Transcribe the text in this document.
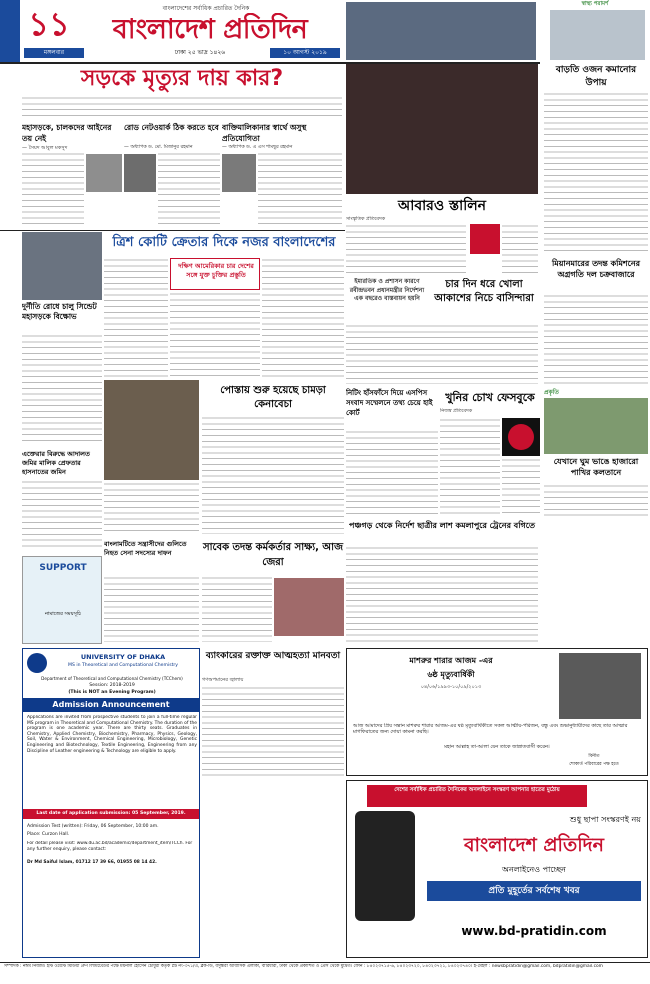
১১	বাংলাদেশের সর্বাধিক প্রচারিত দৈনিক
বাংলাদেশ প্রতিদিন
মঙ্গলবার	ঢাকা ২৫ ভাদ্র ১৪২৬	১০ আগস্ট ২০১৯
স্বাস্থ্য পরামর্শ
সড়কে মৃত্যুর দায় কার?
মহাসড়কে, চালকদের আইনের তয় নেই
— সৈয়দ আবুল মকসুদ
রোড নেটওয়ার্ক ঠিক করতে হবে
— অধ্যাপক ড. মো. মিজানুর রহমান
বাক্তিমালিকানার স্বার্থে অসুস্থ প্রতিযোগিতা
— অধ্যাপক ড. এ এস শামছুর রহমান
আবারও স্তালিন
সাংস্কৃতিক প্রতিবেদক
বাড়তি ওজন কমানোর উপায়
ত্রিশ কোটি ক্রেতার দিকে নজর বাংলাদেশের
দক্ষিণ আমেরিকার চার দেশের সঙ্গে যুক্ত চুক্তির প্রস্তুতি
দুর্নীতি রোধে চালু সিন্ডেট মহাসড়কে বিক্ষোভ
এক্তেরার বিরুদ্ধে আদালত জমির মালিক প্রেফতার হাসনাতের জমিন
পোস্তায় শুরু হয়েছে চামড়া কেনাবেচা
ইমারতিক ও প্রশাসন কারণে রবীন্দ্রভবন প্রধানমন্ত্রীর নির্দেশনা এক বছরেও বাস্তবায়ন হয়নি
চার দিন ধরে খোলা আকাশের নিচে বাসিন্দারা
মিয়ানমারের তদন্ত কমিশনের অগ্রগতি দল চক্রবাজারে
নিটিং হাঁসফাঁসে দিয়ে এসপিস সংবাদ সম্মেলনে তথ্য চেয়ে হাই কোর্ট
খুনির চোখ ফেসবুকে
নিজস্ব প্রতিবেদক
প্রকৃতি
যেখানে ঘুম ভাঙে হাজারো পাখির কলতানে
বাংলামটিতে সন্ত্রাসীদের গুলিতে নিহত সেনা সদস্যের দাফন	সাবেক তদন্ত কর্মকর্তার সাক্ষ্য, আজ জেরা
SUPPORT
নামাজের সময়সূচি
পঞ্চগড় থেকে নির্দেশ ছাত্রীর লাশ কমলাপুরে ট্রেনের বগিতে
মাশরুর শারার আজম -এর
৬ষ্ঠ মৃত্যুবার্ষিকী
০৪/০৬/১৯৯৩-১০/০৯/২০১৩
আজ আমাদের প্রিয় সন্তান মাশরুর শারার আজম-এর ষষ্ঠ মৃত্যুবার্ষিকীতে সকল আত্মীয়-পরিজন, বন্ধু এবং শুভানুধ্যায়ীদের কাছে তার আত্মার মাগফিরাতের জন্য দোয়া কামনা করছি।
মহান আল্লাহ তা-আলা যেন তাকে জান্নাতবাসী করেন।
বিনীত
শোকার্ত পরিবারের পক্ষ হতে
ব্যাংকারের রক্তাক্ত আত্মহত্যা মানবতা
গণঅপমানের জ্বালায়
UNIVERSITY OF DHAKA
MS in Theoretical and Computational Chemistry
Department of Theoretical and Computational Chemistry (TCChem)
Session: 2018-2019
(This is NOT an Evening Program)
Admission Announcement
Applications are invited from prospective students to join a full-time regular MS program in Theoretical and Computational Chemistry. The duration of the program is one academic year. There are thirty seats. Graduates in Chemistry, Applied Chemistry, Biochemistry, Pharmacy, Physics, Geology, Soil, Water & Environment, Chemical Engineering, Microbiology, Genetic Engineering and Biotechnology, Textile Engineering, Engineering from any Discipline of Leather engineering & Technology are eligible to apply.
Last date of application submission: 05 September, 2019.
Admission Test (written): Friday, 06 September, 10:00 am.
Place: Curzon Hall.
For detail please visit: www.du.ac.bd/academic/department_item/TCCh. For any further enquiry, please contact:
Dr Md Saiful Islam, 01712 17 39 66, 01955 08 14 42.
দেশের সর্বাধিক প্রচারিত দৈনিকের অনলাইনে সংস্করণ আপনার হাতের মুঠোয়
শুধু ছাপা সংস্করণই নয়
বাংলাদেশ প্রতিদিন
অনলাইনেও পাচ্ছেন
প্রতি মুহূর্তের সর্বশেষ খবর
www.bd-pratidin.com
সম্পাদক : নঈম নিজাম। ইস্ট ওয়েস্ট মিডিয়া গ্রুপ লিমিটেডের পক্ষে ময়নাল হোসেন চৌধুরী কর্তৃক প্লট নং-৩৭১/এ, ব্লক-ডি, বসুন্ধরা আবাসিক এলাকা, বারিধারা, ঢাকা থেকে প্রকাশিত ও প্রেস থেকে মুদ্রিত। ফোন : ৮৪০২৩৭১৫-৬, ৮৪০২৩৭২০, ৮৪০২৩৭২১, ৮৪০২৩৭৪০। ই-মেইল : newsbpratidin@gmail.com, bdpratidin@gmail.com
